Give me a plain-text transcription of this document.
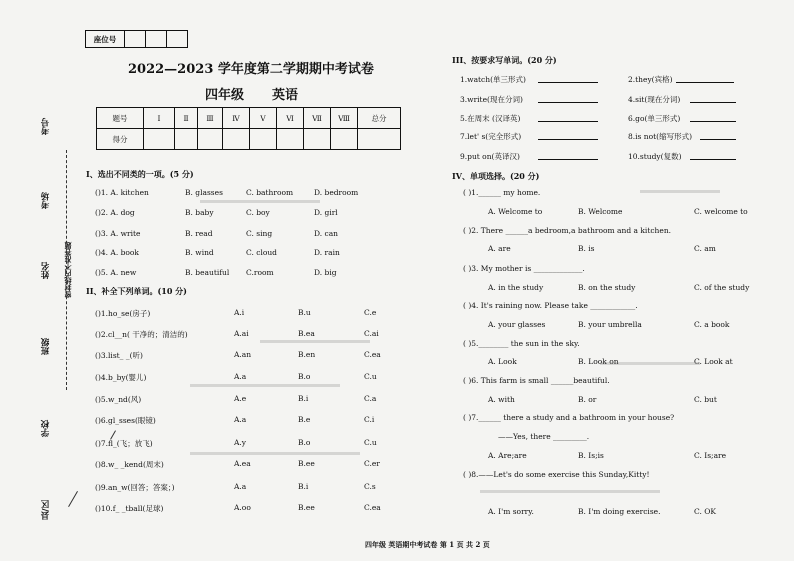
座位号			
考号
考场
姓名 密封线内不准答题
班级
学校
县/区
2022—2023 学年度第二学期期中考试卷
四年级 英语
题号	Ⅰ	Ⅱ	Ⅲ	Ⅳ	Ⅴ	Ⅵ	Ⅶ	Ⅷ	总分
得分									
I、选出不同类的一项。(5 分)
()1. A. kitchen	B. glasses	C. bathroom	D. bedroom
()2. A. dog	B. baby	C. boy	D. girl
()3. A. write	B. read	C. sing	D. can
()4. A. book	B. wind	C. cloud	D. rain
()5. A. new	B. beautiful C.room	D. big
II、补全下列单词。(10 分)
()1.ho_se(房子)	A.i	B.u	C.e
()2.cl__n( 干净的；清洁的)	A.ai	B.ea	C.ai
()3.list_ _(听)	A.an	B.en	C.ea
()4.b_by(婴儿)	A.a	B.o	C.u
()5.w_nd(风)	A.e	B.i	C.a
()6.gl_sses(眼镜)	A.a	B.e	C.i
()7.fl_(飞；放飞)	A.y	B.o	C.u
()8.w_ _kend(周末)	A.ea	B.ee	C.er
()9.an_w(回答；答案；)	A.a	B.i	C.s
()10.f_ _tball(足球)	A.oo	B.ee	C.ea
III、按要求写单词。(20 分)
1.watch(单三形式)	2.they(宾格)
3.write(现在分词)	4.sit(现在分词)
5.在周末 (汉译英)	6.go(单三形式)
7.let' s(完全形式)	8.is not(缩写形式)
9.put on(英译汉)	10.study(复数)
IV、单项选择。(20 分)
( )1.______ my home.
A. Welcome to	B. Welcome	C. welcome to
( )2. There ______a bedroom,a bathroom and a kitchen.
A. are	B. is	C. am
( )3. My mother is _____________.
A. in the study	B. on the study	C. of the study
( )4. It's raining now. Please take ____________.
A. your glasses	B. your umbrella	C. a book
( )5.________ the sun in the sky.
A. Look	B. Look on	C. Look at
( )6. This farm is small ______beautiful.
A. with	B. or	C. but
( )7.______ there a study and a bathroom in your house?
——Yes, there _________.
A. Are;are	B. Is;is	C. Is;are
( )8.——Let's do some exercise this Sunday,Kitty!
A. I'm sorry.	B. I'm doing exercise.	C. OK
四年级 英语期中考试卷 第 1 页 共 2 页
